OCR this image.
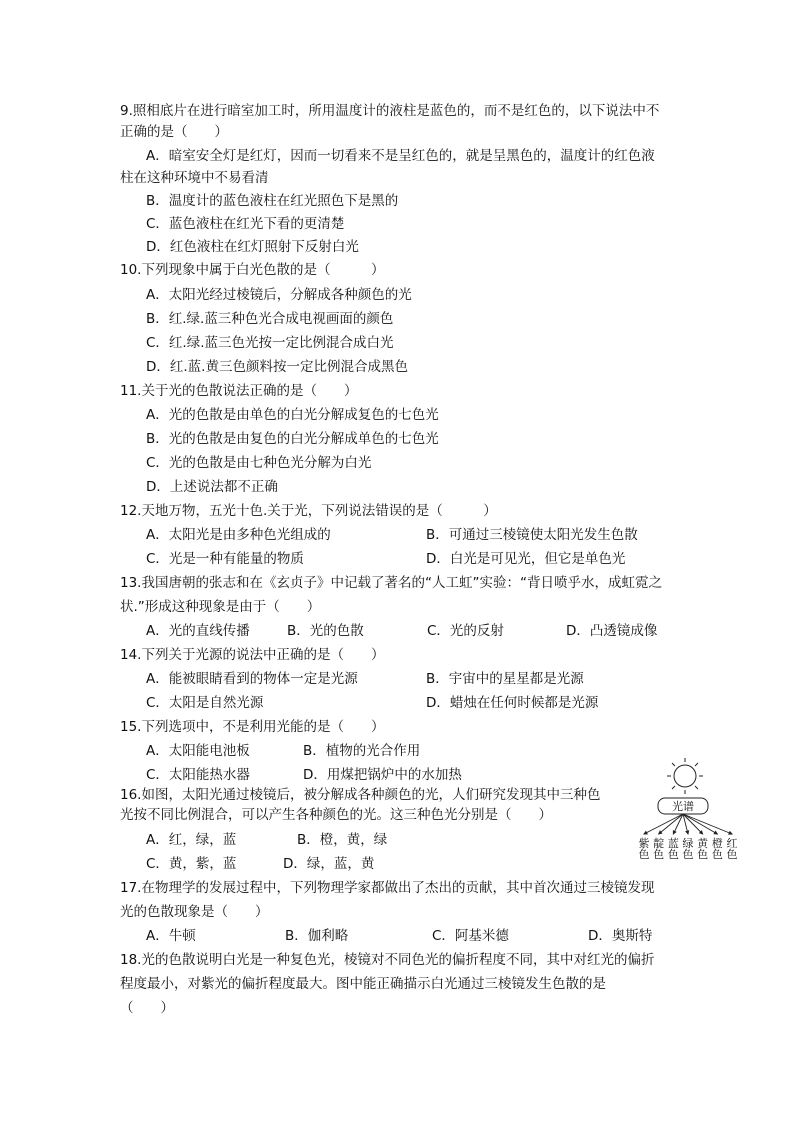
9.照相底片在进行暗室加工时，所用温度计的液柱是蓝色的，而不是红色的，以下说法中不
正确的是（　　）
A．暗室安全灯是红灯，因而一切看来不是呈红色的，就是呈黑色的，温度计的红色液
柱在这种环境中不易看清
B．温度计的蓝色液柱在红光照色下是黑的
C．蓝色液柱在红光下看的更清楚
D．红色液柱在红灯照射下反射白光
10.下列现象中属于白光色散的是（　　　）
A．太阳光经过棱镜后，分解成各种颜色的光
B．红.绿.蓝三种色光合成电视画面的颜色
C．红.绿.蓝三色光按一定比例混合成白光
D．红.蓝.黄三色颜料按一定比例混合成黑色
11.关于光的色散说法正确的是（　　）
A．光的色散是由单色的白光分解成复色的七色光
B．光的色散是由复色的白光分解成单色的七色光
C．光的色散是由七种色光分解为白光
D．上述说法都不正确
12.天地万物，五光十色.关于光，下列说法错误的是（　　　）
A．太阳光是由多种色光组成的	B．可通过三棱镜使太阳光发生色散
C．光是一种有能量的物质	D．白光是可见光，但它是单色光
13.我国唐朝的张志和在《玄贞子》中记载了著名的“人工虹”实验：“背日喷乎水，成虹霓之
状.”形成这种现象是由于（　　）
A．光的直线传播	B．光的色散	C．光的反射	D．凸透镜成像
14.下列关于光源的说法中正确的是（　　）
A．能被眼睛看到的物体一定是光源	B．宇宙中的星星都是光源
C．太阳是自然光源	D．蜡烛在任何时候都是光源
15.下列选项中，不是利用光能的是（　　）
A．太阳能电池板	B．植物的光合作用
C．太阳能热水器	D．用煤把锅炉中的水加热
16.如图，太阳光通过棱镜后，被分解成各种颜色的光，人们研究发现其中三种色
光按不同比例混合，可以产生各种颜色的光。这三种色光分别是（　　）
A．红，绿，蓝	B．橙，黄，绿
C．黄，紫，蓝	D．绿，蓝，黄
光谱
紫色
靛色
蓝色
绿色
黄色
橙色
红色
17.在物理学的发展过程中，下列物理学家都做出了杰出的贡献，其中首次通过三棱镜发现
光的色散现象是（　　）
A．牛顿	B．伽利略	C．阿基米德	D．奥斯特
18.光的色散说明白光是一种复色光，棱镜对不同色光的偏折程度不同，其中对红光的偏折
程度最小，对紫光的偏折程度最大。图中能正确描示白光通过三棱镜发生色散的是
（　　）
